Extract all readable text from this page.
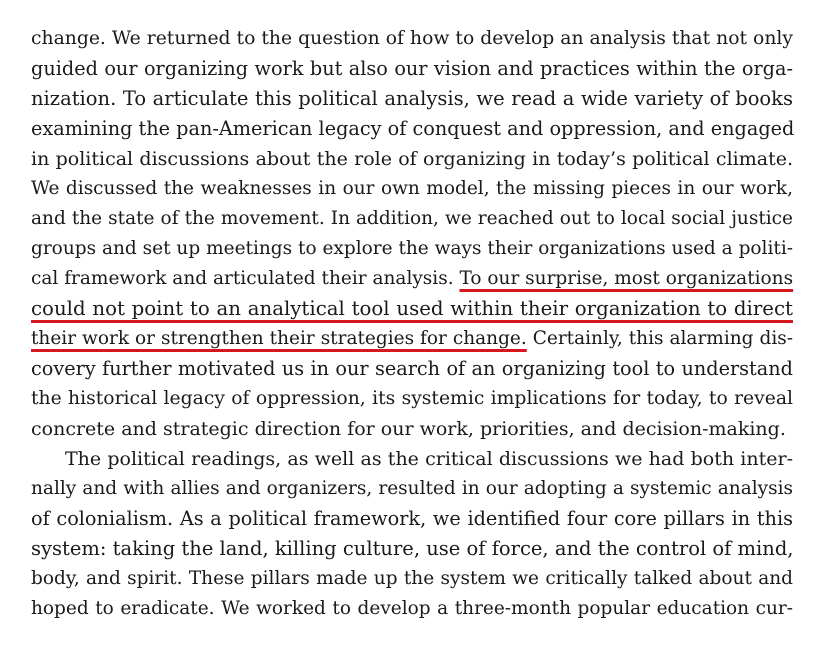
change. We returned to the question of how to develop an analysis that not only
guided our organizing work but also our vision and practices within the orga-
nization. To articulate this political analysis, we read a wide variety of books
examining the pan-American legacy of conquest and oppression, and engaged
in political discussions about the role of organizing in today’s political climate.
We discussed the weaknesses in our own model, the missing pieces in our work,
and the state of the movement. In addition, we reached out to local social justice
groups and set up meetings to explore the ways their organizations used a politi-
cal framework and articulated their analysis. To our surprise, most organizations
could not point to an analytical tool used within their organization to direct
their work or strengthen their strategies for change. Certainly, this alarming dis-
covery further motivated us in our search of an organizing tool to understand
the historical legacy of oppression, its systemic implications for today, to reveal
concrete and strategic direction for our work, priorities, and decision-making.
The political readings, as well as the critical discussions we had both inter-
nally and with allies and organizers, resulted in our adopting a systemic analysis
of colonialism. As a political framework, we identified four core pillars in this
system: taking the land, killing culture, use of force, and the control of mind,
body, and spirit. These pillars made up the system we critically talked about and
hoped to eradicate. We worked to develop a three-month popular education cur-
